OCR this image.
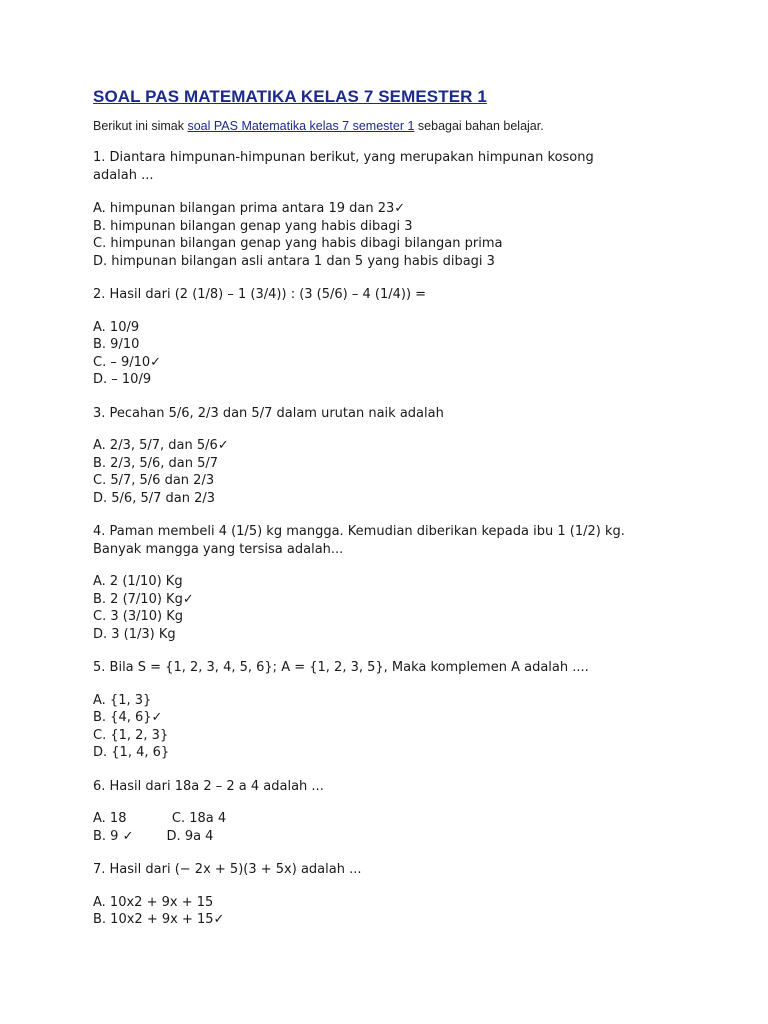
SOAL PAS MATEMATIKA KELAS 7 SEMESTER 1
Berikut ini simak soal PAS Matematika kelas 7 semester 1 sebagai bahan belajar.

1. Diantara himpunan-himpunan berikut, yang merupakan himpunan kosong adalah ...

A. himpunan bilangan prima antara 19 dan 23✓
B. himpunan bilangan genap yang habis dibagi 3
C. himpunan bilangan genap yang habis dibagi bilangan prima
D. himpunan bilangan asli antara 1 dan 5 yang habis dibagi 3

2. Hasil dari (2 (1/8) – 1 (3/4)) : (3 (5/6) – 4 (1/4)) =

A. 10/9
B. 9/10
C. – 9/10✓
D. – 10/9

3. Pecahan 5/6, 2/3 dan 5/7 dalam urutan naik adalah

A. 2/3, 5/7, dan 5/6✓
B. 2/3, 5/6, dan 5/7
C. 5/7, 5/6 dan 2/3
D. 5/6, 5/7 dan 2/3

4. Paman membeli 4 (1/5) kg mangga. Kemudian diberikan kepada ibu 1 (1/2) kg. Banyak mangga yang tersisa adalah...

A. 2 (1/10) Kg
B. 2 (7/10) Kg✓
C. 3 (3/10) Kg
D. 3 (1/3) Kg

5. Bila S = {1, 2, 3, 4, 5, 6}; A = {1, 2, 3, 5}, Maka komplemen A adalah ....

A. {1, 3}
B. {4, 6}✓
C. {1, 2, 3}
D. {1, 4, 6}

6. Hasil dari 18a 2 – 2 a 4 adalah ...

A. 18           C. 18a 4
B. 9 ✓        D. 9a 4

7. Hasil dari (− 2x + 5)(3 + 5x) adalah ...

A. 10x2 + 9x + 15
B. 10x2 + 9x + 15✓
